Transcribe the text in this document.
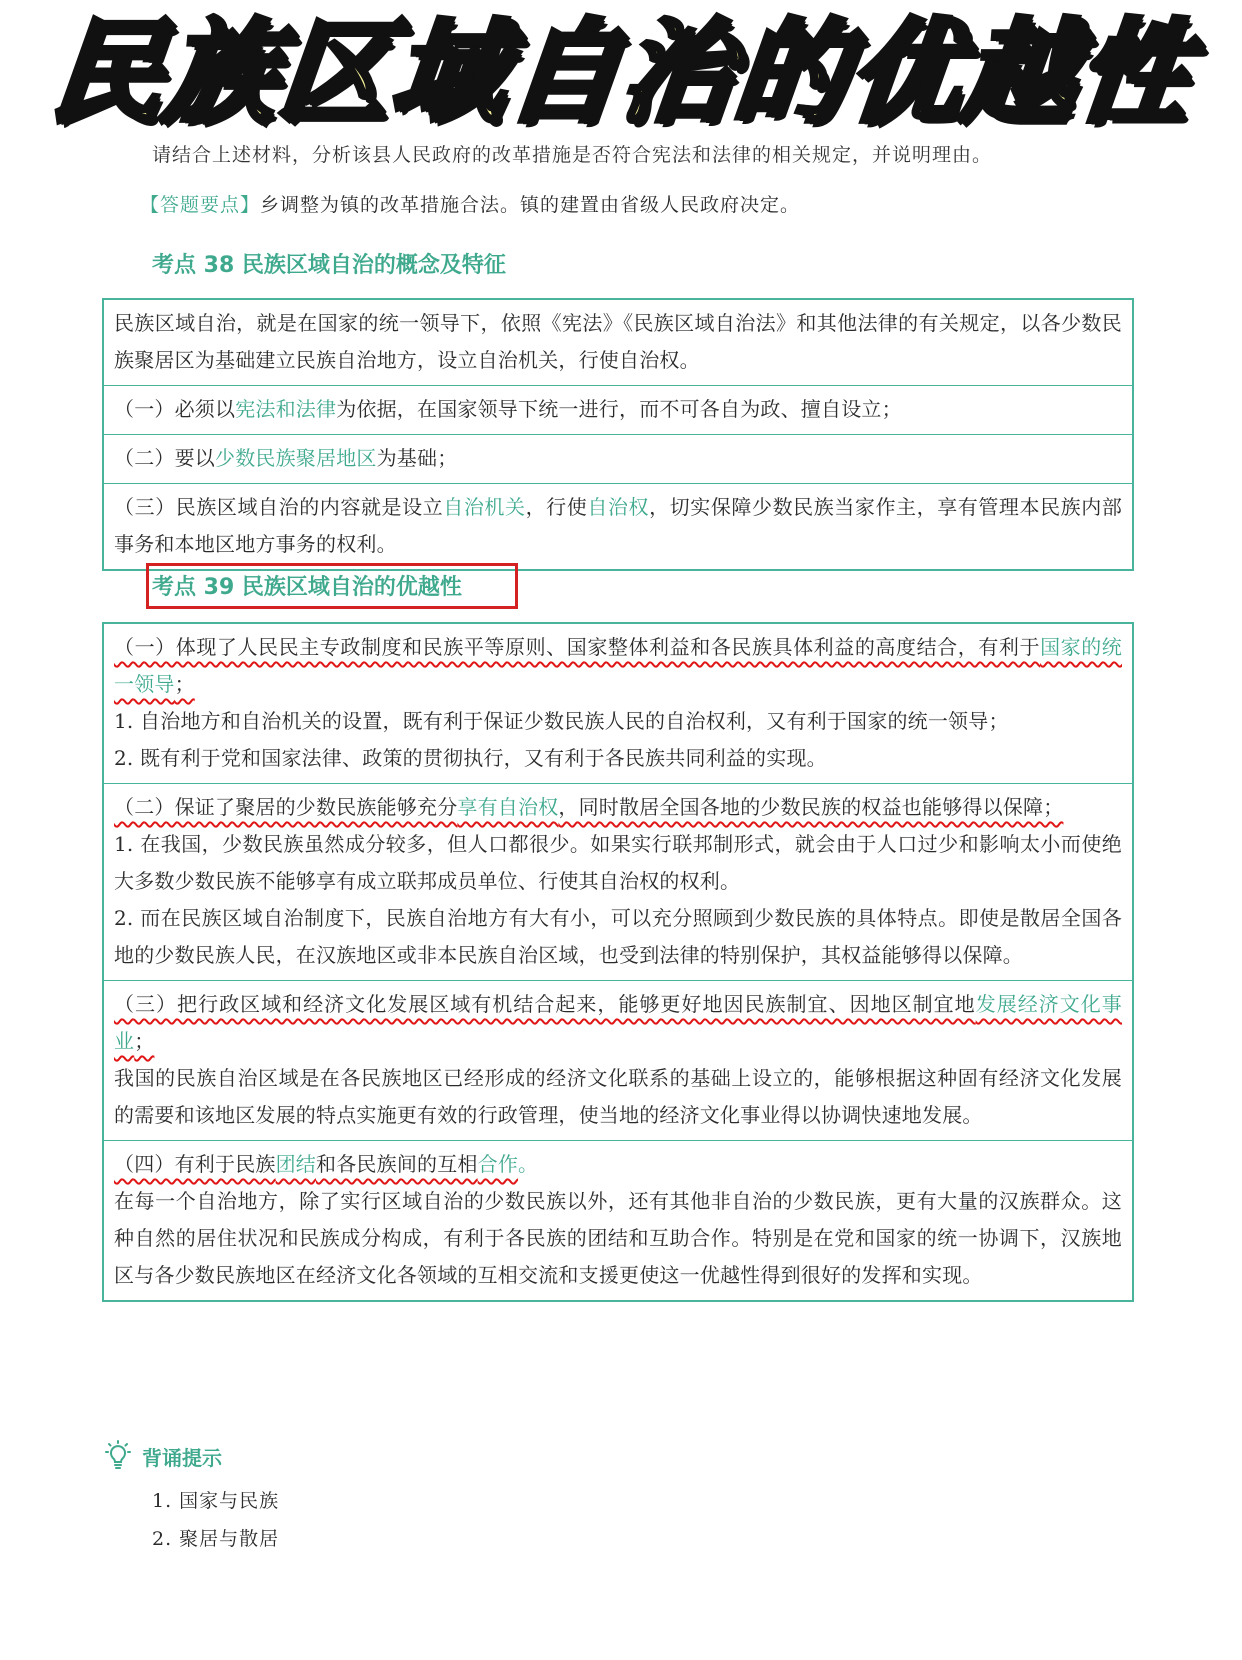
民族区域自治的优越性
请结合上述材料，分析该县人民政府的改革措施是否符合宪法和法律的相关规定，并说明理由。
【答题要点】乡调整为镇的改革措施合法。镇的建置由省级人民政府决定。
考点 38 民族区域自治的概念及特征

民族区域自治，就是在国家的统一领导下，依照《宪法》《民族区域自治法》和其他法律的有关规定，以各少数民族聚居区为基础建立民族自治地方，设立自治机关，行使自治权。

（一）必须以宪法和法律为依据，在国家领导下统一进行，而不可各自为政、擅自设立；

（二）要以少数民族聚居地区为基础；

（三）民族区域自治的内容就是设立自治机关，行使自治权，切实保障少数民族当家作主，享有管理本民族内部事务和本地区地方事务的权利。

考点 39 民族区域自治的优越性

（一）体现了人民民主专政制度和民族平等原则、国家整体利益和各民族具体利益的高度结合，有利于国家的统一领导；

1. 自治地方和自治机关的设置，既有利于保证少数民族人民的自治权利，又有利于国家的统一领导；

2. 既有利于党和国家法律、政策的贯彻执行，又有利于各民族共同利益的实现。

（二）保证了聚居的少数民族能够充分享有自治权，同时散居全国各地的少数民族的权益也能够得以保障；

1. 在我国，少数民族虽然成分较多，但人口都很少。如果实行联邦制形式，就会由于人口过少和影响太小而使绝大多数少数民族不能够享有成立联邦成员单位、行使其自治权的权利。

2. 而在民族区域自治制度下，民族自治地方有大有小，可以充分照顾到少数民族的具体特点。即使是散居全国各地的少数民族人民，在汉族地区或非本民族自治区域，也受到法律的特别保护，其权益能够得以保障。

（三）把行政区域和经济文化发展区域有机结合起来，能够更好地因民族制宜、因地区制宜地发展经济文化事业；

我国的民族自治区域是在各民族地区已经形成的经济文化联系的基础上设立的，能够根据这种固有经济文化发展的需要和该地区发展的特点实施更有效的行政管理，使当地的经济文化事业得以协调快速地发展。

（四）有利于民族团结和各民族间的互相合作。

在每一个自治地方，除了实行区域自治的少数民族以外，还有其他非自治的少数民族，更有大量的汉族群众。这种自然的居住状况和民族成分构成，有利于各民族的团结和互助合作。特别是在党和国家的统一协调下，汉族地区与各少数民族地区在经济文化各领域的互相交流和支援更使这一优越性得到很好的发挥和实现。

背诵提示
1. 国家与民族
2. 聚居与散居
